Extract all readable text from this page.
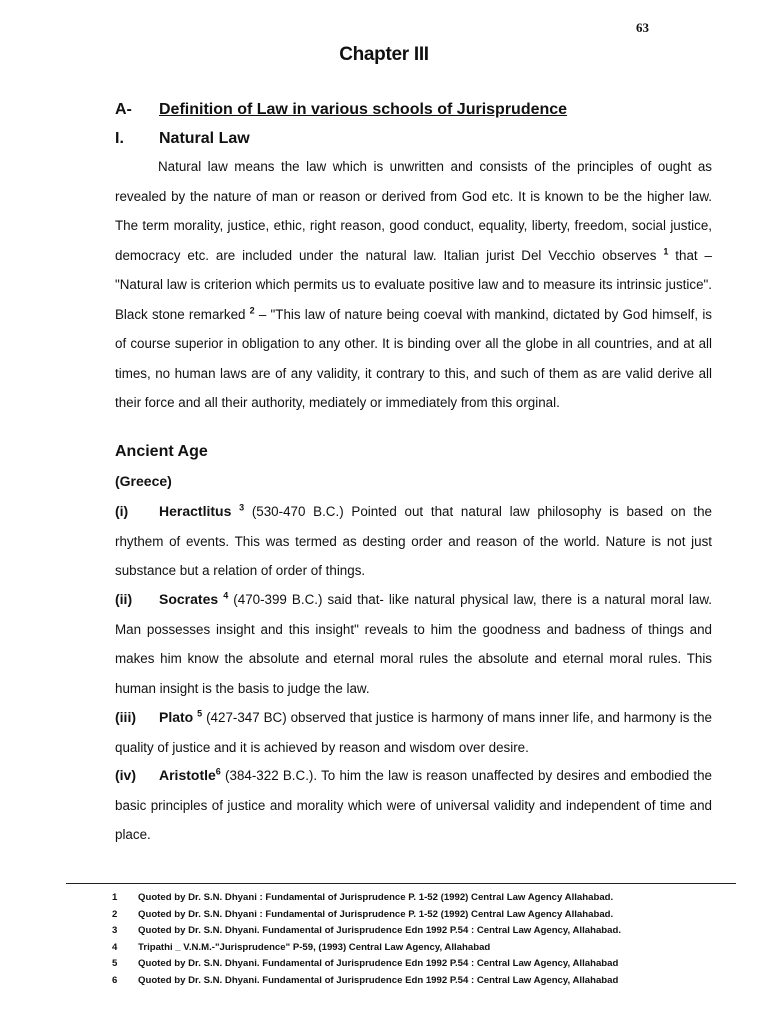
63
Chapter III
A- Definition of Law in various schools of Jurisprudence
I. Natural Law

Natural law means the law which is unwritten and consists of the principles of ought as revealed by the nature of man or reason or derived from God etc. It is known to be the higher law. The term morality, justice, ethic, right reason, good conduct, equality, liberty, freedom, social justice, democracy etc. are included under the natural law. Italian jurist Del Vecchio observes $^1$ that – "Natural law is criterion which permits us to evaluate positive law and to measure its intrinsic justice". Black stone remarked $^2$ – "This law of nature being coeval with mankind, dictated by God himself, is of course superior in obligation to any other. It is binding over all the globe in all countries, and at all times, no human laws are of any validity, it contrary to this, and such of them as are valid derive all their force and all their authority, mediately or immediately from this orginal.

Ancient Age
(Greece)

(i) Heractlitus $^3$ (530-470 B.C.) Pointed out that natural law philosophy is based on the rhythem of events. This was termed as desting order and reason of the world. Nature is not just substance but a relation of order of things.

(ii) Socrates $^4$ (470-399 B.C.) said that- like natural physical law, there is a natural moral law. Man possesses insight and this insight" reveals to him the goodness and badness of things and makes him know the absolute and eternal moral rules the absolute and eternal moral rules. This human insight is the basis to judge the law.

(iii) Plato $^5$ (427-347 BC) observed that justice is harmony of mans inner life, and harmony is the quality of justice and it is achieved by reason and wisdom over desire.

(iv) Aristotle$^6$ (384-322 B.C.). To him the law is reason unaffected by desires and embodied the basic principles of justice and morality which were of universal validity and independent of time and place.

1 Quoted by Dr. S.N. Dhyani : Fundamental of Jurisprudence P. 1-52 (1992) Central Law Agency Allahabad.
2 Quoted by Dr. S.N. Dhyani : Fundamental of Jurisprudence P. 1-52 (1992) Central Law Agency Allahabad.
3 Quoted by Dr. S.N. Dhyani. Fundamental of Jurisprudence Edn 1992 P.54 : Central Law Agency, Allahabad.
4 Tripathi _ V.N.M.-"Jurisprudence" P-59, (1993) Central Law Agency, Allahabad
5 Quoted by Dr. S.N. Dhyani. Fundamental of Jurisprudence Edn 1992 P.54 : Central Law Agency, Allahabad
6 Quoted by Dr. S.N. Dhyani. Fundamental of Jurisprudence Edn 1992 P.54 : Central Law Agency, Allahabad
